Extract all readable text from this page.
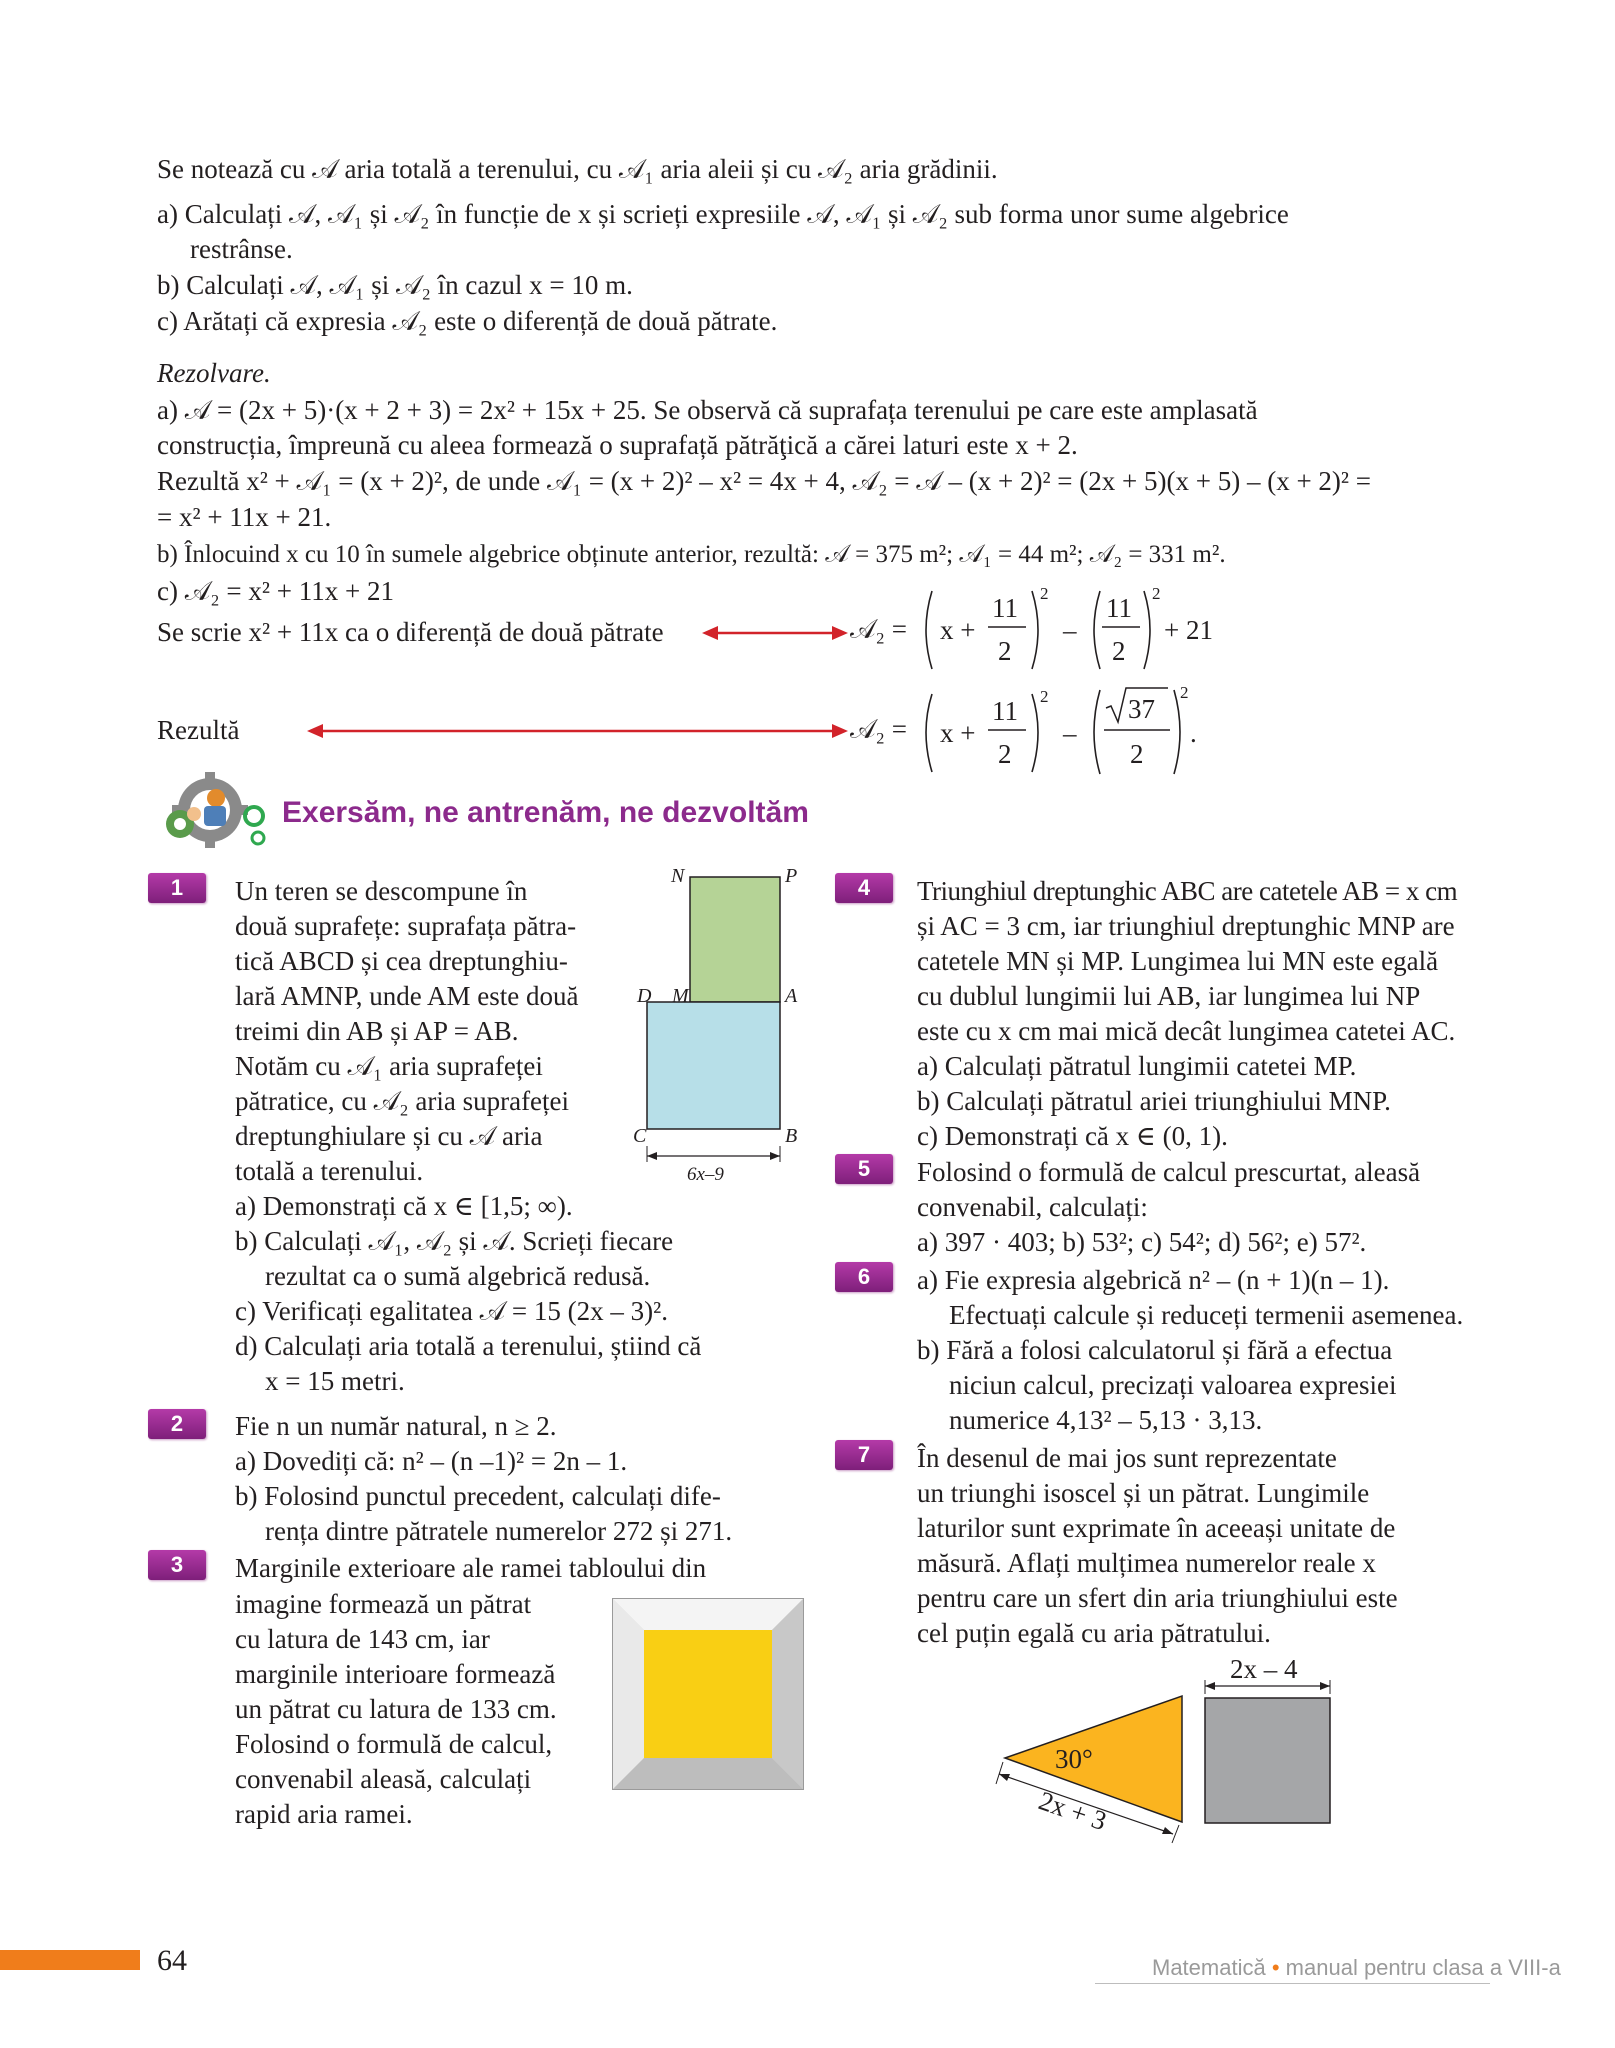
Se notează cu 𝒜 aria totală a terenului, cu 𝒜₁ aria aleii și cu 𝒜₂ aria grădinii.
a) Calculați 𝒜, 𝒜₁ și 𝒜₂ în funcție de x și scrieți expresiile 𝒜, 𝒜₁ și 𝒜₂ sub forma unor sume algebrice
restrânse.
b) Calculați 𝒜, 𝒜₁ și 𝒜₂ în cazul x = 10 m.
c) Arătați că expresia 𝒜₂ este o diferență de două pătrate.
Rezolvare.
a) 𝒜 = (2x + 5)·(x + 2 + 3) = 2x² + 15x + 25. Se observă că suprafața terenului pe care este amplasată
construcția, împreună cu aleea formează o suprafață pătrăţică a cărei laturi este x + 2.
Rezultă x² + 𝒜₁ = (x + 2)², de unde 𝒜₁ = (x + 2)² – x² = 4x + 4, 𝒜₂ = 𝒜 – (x + 2)² = (2x + 5)(x + 5) – (x + 2)² =
= x² + 11x + 21.
b) Înlocuind x cu 10 în sumele algebrice obținute anterior, rezultă: 𝒜 = 375 m²; 𝒜₁ = 44 m²; 𝒜₂ = 331 m².
c) 𝒜₂ = x² + 11x + 21
Se scrie x² + 11x ca o diferență de două pătrate
Rezultă
𝒜₂ = x +
11
2
2
–
11
2
2
+ 21
𝒜₂ = x +
11
2
2
–
37
2
2
.
Exersăm, ne antrenăm, ne dezvoltăm
1	Un teren se descompune în
două suprafețe: suprafața pătra-
tică ABCD și cea dreptunghiu-
lară AMNP, unde AM este două
treimi din AB și AP = AB.
Notăm cu 𝒜₁ aria suprafeței
pătratice, cu 𝒜₂ aria suprafeței
dreptunghiulare și cu 𝒜 aria
totală a terenului.
a) Demonstrați că x ∈ [1,5; ∞).
b) Calculați 𝒜₁, 𝒜₂ și 𝒜. Scrieți fiecare
rezultat ca o sumă algebrică redusă.
c) Verificați egalitatea 𝒜 = 15 (2x – 3)².
d) Calculați aria totală a terenului, știind că
x = 15 metri.
N	P
D M	A
C	B
6x–9
2	Fie n un număr natural, n ≥ 2.
a) Dovediți că: n² – (n –1)² = 2n – 1.
b) Folosind punctul precedent, calculați dife-
rența dintre pătratele numerelor 272 și 271.
3	Marginile exterioare ale ramei tabloului din
imagine formează un pătrat
cu latura de 143 cm, iar
marginile interioare formează
un pătrat cu latura de 133 cm.
Folosind o formulă de calcul,
convenabil aleasă, calculați
rapid aria ramei.
4	Triunghiul dreptunghic ABC are catetele AB = x cm
și AC = 3 cm, iar triunghiul dreptunghic MNP are
catetele MN și MP. Lungimea lui MN este egală
cu dublul lungimii lui AB, iar lungimea lui NP
este cu x cm mai mică decât lungimea catetei AC.
a) Calculați pătratul lungimii catetei MP.
b) Calculați pătratul ariei triunghiului MNP.
c) Demonstrați că x ∈ (0, 1).
5	Folosind o formulă de calcul prescurtat, aleasă
convenabil, calculați:
a) 397 · 403; b) 53²; c) 54²; d) 56²; e) 57².
6	a) Fie expresia algebrică n² – (n + 1)(n – 1).
Efectuați calcule și reduceți termenii asemenea.
b) Fără a folosi calculatorul și fără a efectua
niciun calcul, precizați valoarea expresiei
numerice 4,13² – 5,13 · 3,13.
7	În desenul de mai jos sunt reprezentate
un triunghi isoscel și un pătrat. Lungimile
laturilor sunt exprimate în aceeași unitate de
măsură. Aflați mulțimea numerelor reale x
pentru care un sfert din aria triunghiului este
cel puțin egală cu aria pătratului.
2x – 4
30°
2x + 3
64	Matematică • manual pentru clasa a VIII-a
